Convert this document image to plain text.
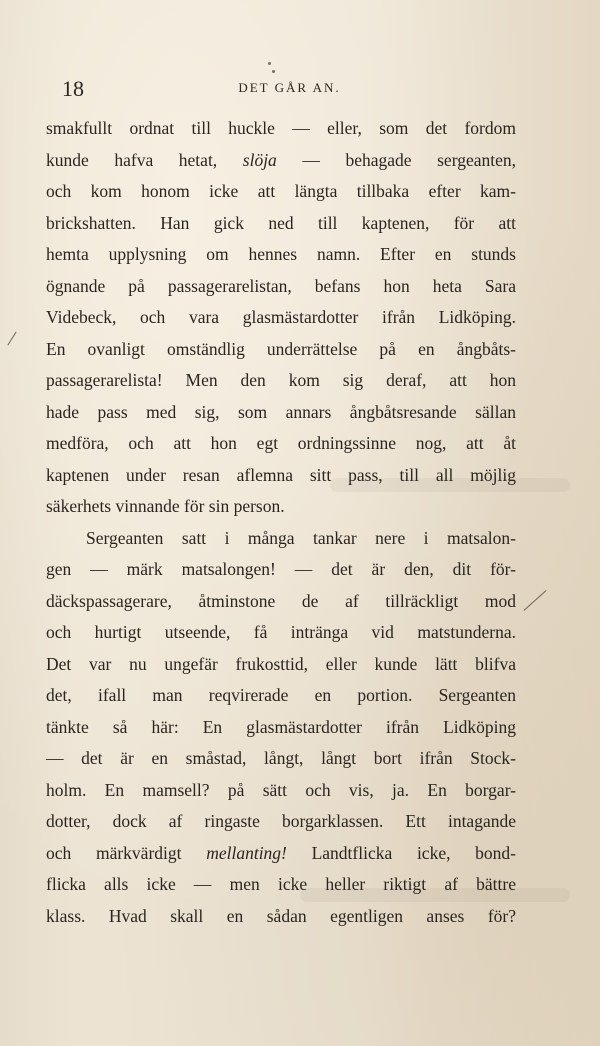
18	DET GÅR AN.
smakfullt ordnat till huckle — eller, som det fordom
kunde hafva hetat, slöja — behagade sergeanten,
och kom honom icke att längta tillbaka efter kam-
brickshatten. Han gick ned till kaptenen, för att
hemta upplysning om hennes namn. Efter en stunds
ögnande på passagerarelistan, befans hon heta Sara
Videbeck, och vara glasmästardotter ifrån Lidköping.
En ovanligt omständlig underrättelse på en ångbåts-
passagerarelista! Men den kom sig deraf, att hon
hade pass med sig, som annars ångbåtsresande sällan
medföra, och att hon egt ordningssinne nog, att åt
kaptenen under resan aflemna sitt pass, till all möjlig
säkerhets vinnande för sin person.
Sergeanten satt i många tankar nere i matsalon-
gen — märk matsalongen! — det är den, dit för-
däckspassagerare, åtminstone de af tillräckligt mod
och hurtigt utseende, få intränga vid matstunderna.
Det var nu ungefär frukosttid, eller kunde lätt blifva
det, ifall man reqvirerade en portion. Sergeanten
tänkte så här: En glasmästardotter ifrån Lidköping
— det är en småstad, långt, långt bort ifrån Stock-
holm. En mamsell? på sätt och vis, ja. En borgar-
dotter, dock af ringaste borgarklassen. Ett intagande
och märkvärdigt mellanting! Landtflicka icke, bond-
flicka alls icke — men icke heller riktigt af bättre
klass. Hvad skall en sådan egentligen anses för?
